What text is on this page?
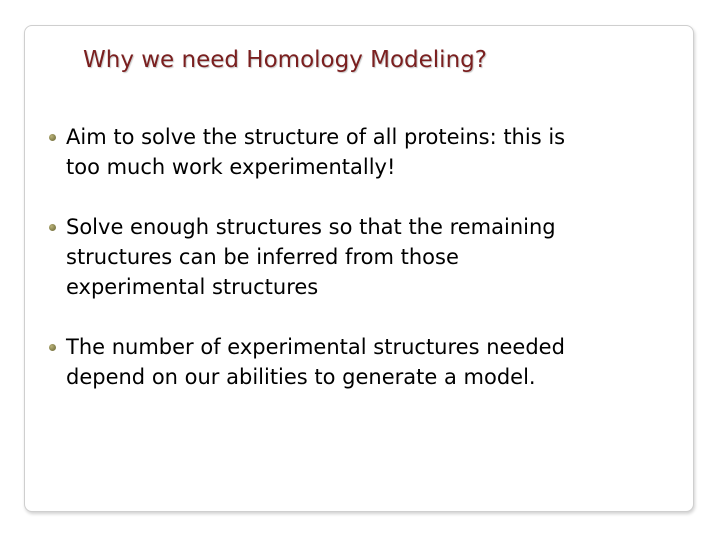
Why we need Homology Modeling?
Aim to solve the structure of all proteins: this is
too much work experimentally!
Solve enough structures so that the remaining
structures can be inferred from those
experimental structures
The number of experimental structures needed
depend on our abilities to generate a model.
